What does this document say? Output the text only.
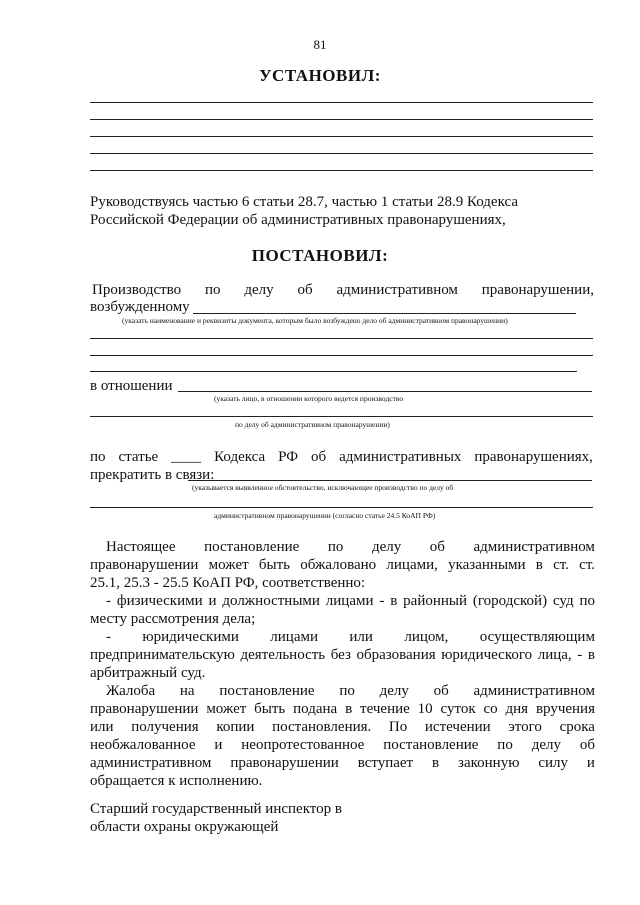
81
УСТАНОВИЛ:
Руководствуясь частью 6 статьи 28.7, частью 1 статьи 28.9 Кодекса
Российской Федерации об административных правонарушениях,
ПОСТАНОВИЛ:
Производство по делу об административном правонарушении,
возбужденному
(указать наименование и реквизиты документа, которым было возбуждено дело об административном правонарушении)
в отношении
(указать лицо, в отношении которого ведется производство
по делу об административном правонарушении)
по статье ____ Кодекса РФ об административных правонарушениях,
прекратить в связи:
(указывается выявленное обстоятельство, исключающее производство по делу об
административном правонарушении (согласно статье 24.5 КоАП РФ)
Настоящее постановление по делу об административном
правонарушении может быть обжаловано лицами, указанными в ст. ст.
25.1, 25.3 - 25.5 КоАП РФ, соответственно:
- физическими и должностными лицами - в районный (городской) суд по
месту рассмотрения дела;
- юридическими лицами или лицом, осуществляющим
предпринимательскую деятельность без образования юридического лица, - в
арбитражный суд.
Жалоба на постановление по делу об административном
правонарушении может быть подана в течение 10 суток со дня вручения
или получения копии постановления. По истечении этого срока
необжалованное и неопротестованное постановление по делу об
административном правонарушении вступает в законную силу и
обращается к исполнению.
Старший государственный инспектор в
области охраны окружающей
